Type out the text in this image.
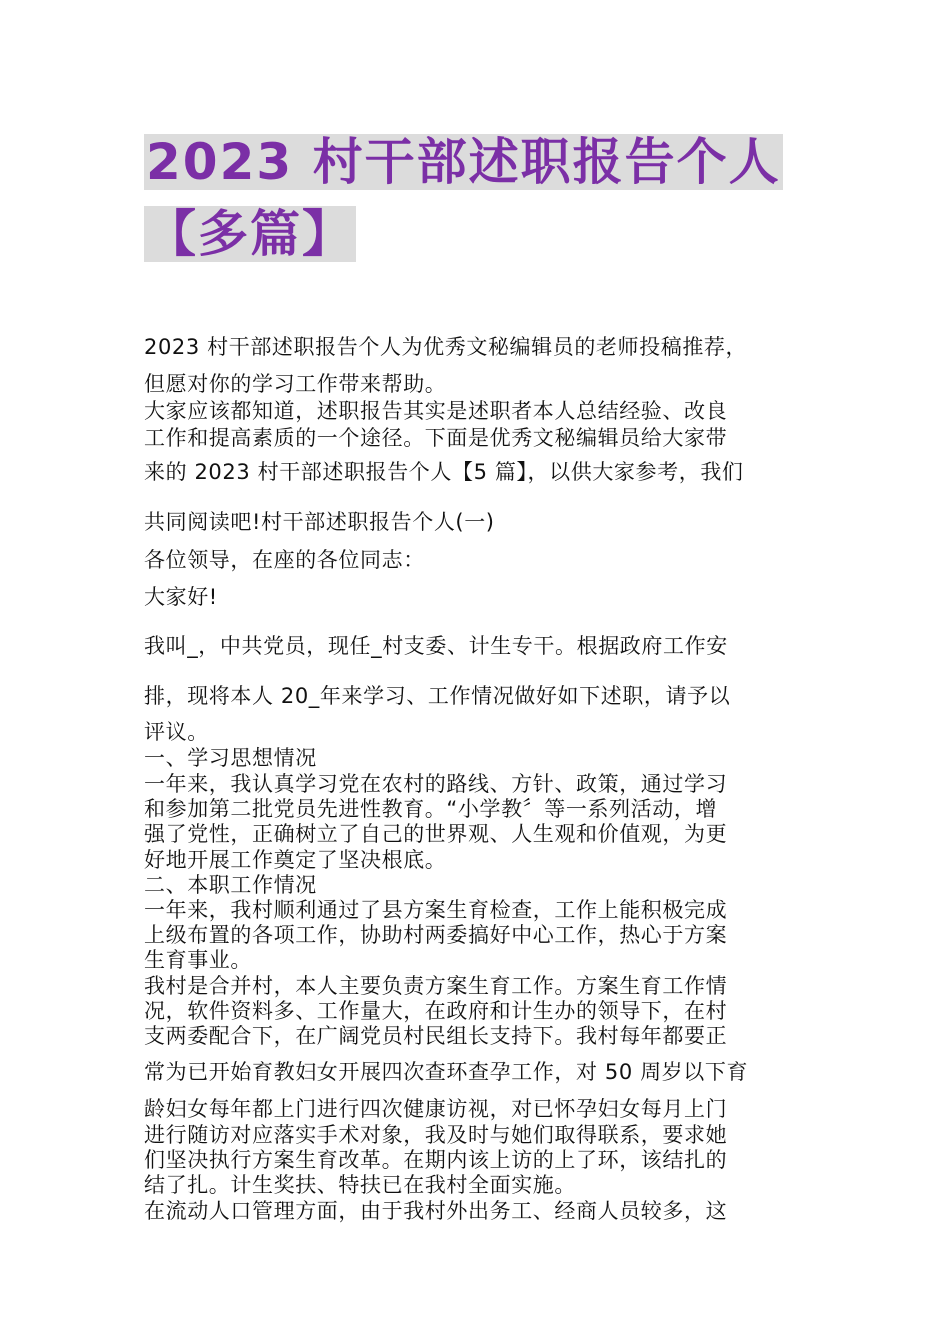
2023 村干部述职报告个人
【多篇】

2023 村干部述职报告个人为优秀文秘编辑员的老师投稿推荐，

但愿对你的学习工作带来帮助。

大家应该都知道，述职报告其实是述职者本人总结经验、改良

工作和提高素质的一个途径。下面是优秀文秘编辑员给大家带

来的 2023 村干部述职报告个人【5 篇】，以供大家参考，我们

共同阅读吧!村干部述职报告个人(一)

各位领导，在座的各位同志：

大家好!

我叫_，中共党员，现任_村支委、计生专干。根据政府工作安

排，现将本人 20_年来学习、工作情况做好如下述职，请予以

评议。

一、学习思想情况

一年来，我认真学习党在农村的路线、方针、政策，通过学习

和参加第二批党员先进性教育。“小学教〞等一系列活动，增

强了党性，正确树立了自己的世界观、人生观和价值观，为更

好地开展工作奠定了坚决根底。

二、本职工作情况

一年来，我村顺利通过了县方案生育检查，工作上能积极完成

上级布置的各项工作，协助村两委搞好中心工作，热心于方案

生育事业。

我村是合并村，本人主要负责方案生育工作。方案生育工作情

况，软件资料多、工作量大，在政府和计生办的领导下，在村

支两委配合下，在广阔党员村民组长支持下。我村每年都要正

常为已开始育教妇女开展四次查环查孕工作，对 50 周岁以下育

龄妇女每年都上门进行四次健康访视，对已怀孕妇女每月上门

进行随访对应落实手术对象，我及时与她们取得联系，要求她

们坚决执行方案生育改革。在期内该上访的上了环，该结扎的

结了扎。计生奖扶、特扶已在我村全面实施。

在流动人口管理方面，由于我村外出务工、经商人员较多，这
